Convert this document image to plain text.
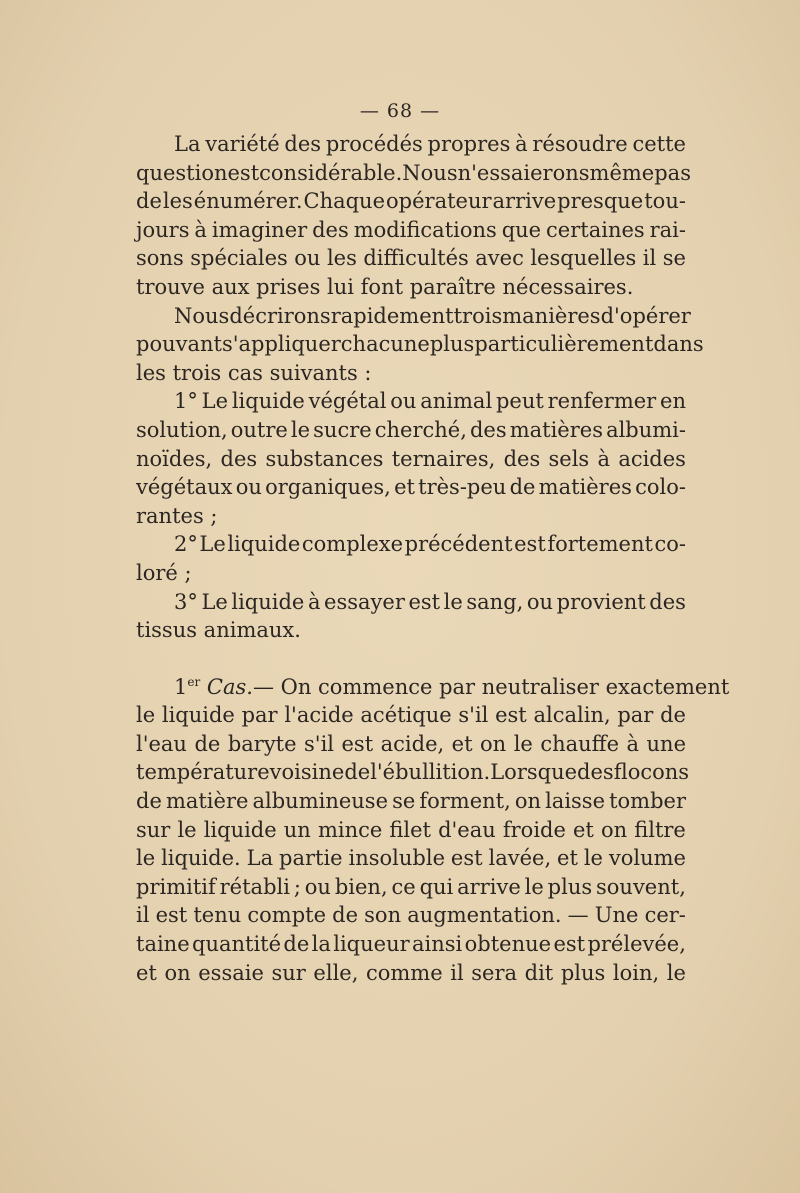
— 68 —
La variété des procédés propres à résoudre cette
question est considérable. Nous n'essaierons même pas
de les énumérer. Chaque opérateur arrive presque tou-
jours à imaginer des modifications que certaines rai-
sons spéciales ou les difficultés avec lesquelles il se
trouve aux prises lui font paraître nécessaires.
Nous décrirons rapidement trois manières d'opérer
pouvant s'appliquer chacune plus particulièrement dans
les trois cas suivants :
1° Le liquide végétal ou animal peut renfermer en
solution, outre le sucre cherché, des matières albumi-
noïdes, des substances ternaires, des sels à acides
végétaux ou organiques, et très-peu de matières colo-
rantes ;
2° Le liquide complexe précédent est fortement co-
loré ;
3° Le liquide à essayer est le sang, ou provient des
tissus animaux.
1er Cas. — On commence par neutraliser exactement
le liquide par l'acide acétique s'il est alcalin, par de
l'eau de baryte s'il est acide, et on le chauffe à une
température voisine de l'ébullition. Lorsque des flocons
de matière albumineuse se forment, on laisse tomber
sur le liquide un mince filet d'eau froide et on filtre
le liquide. La partie insoluble est lavée, et le volume
primitif rétabli ; ou bien, ce qui arrive le plus souvent,
il est tenu compte de son augmentation. — Une cer-
taine quantité de la liqueur ainsi obtenue est prélevée,
et on essaie sur elle, comme il sera dit plus loin, le
